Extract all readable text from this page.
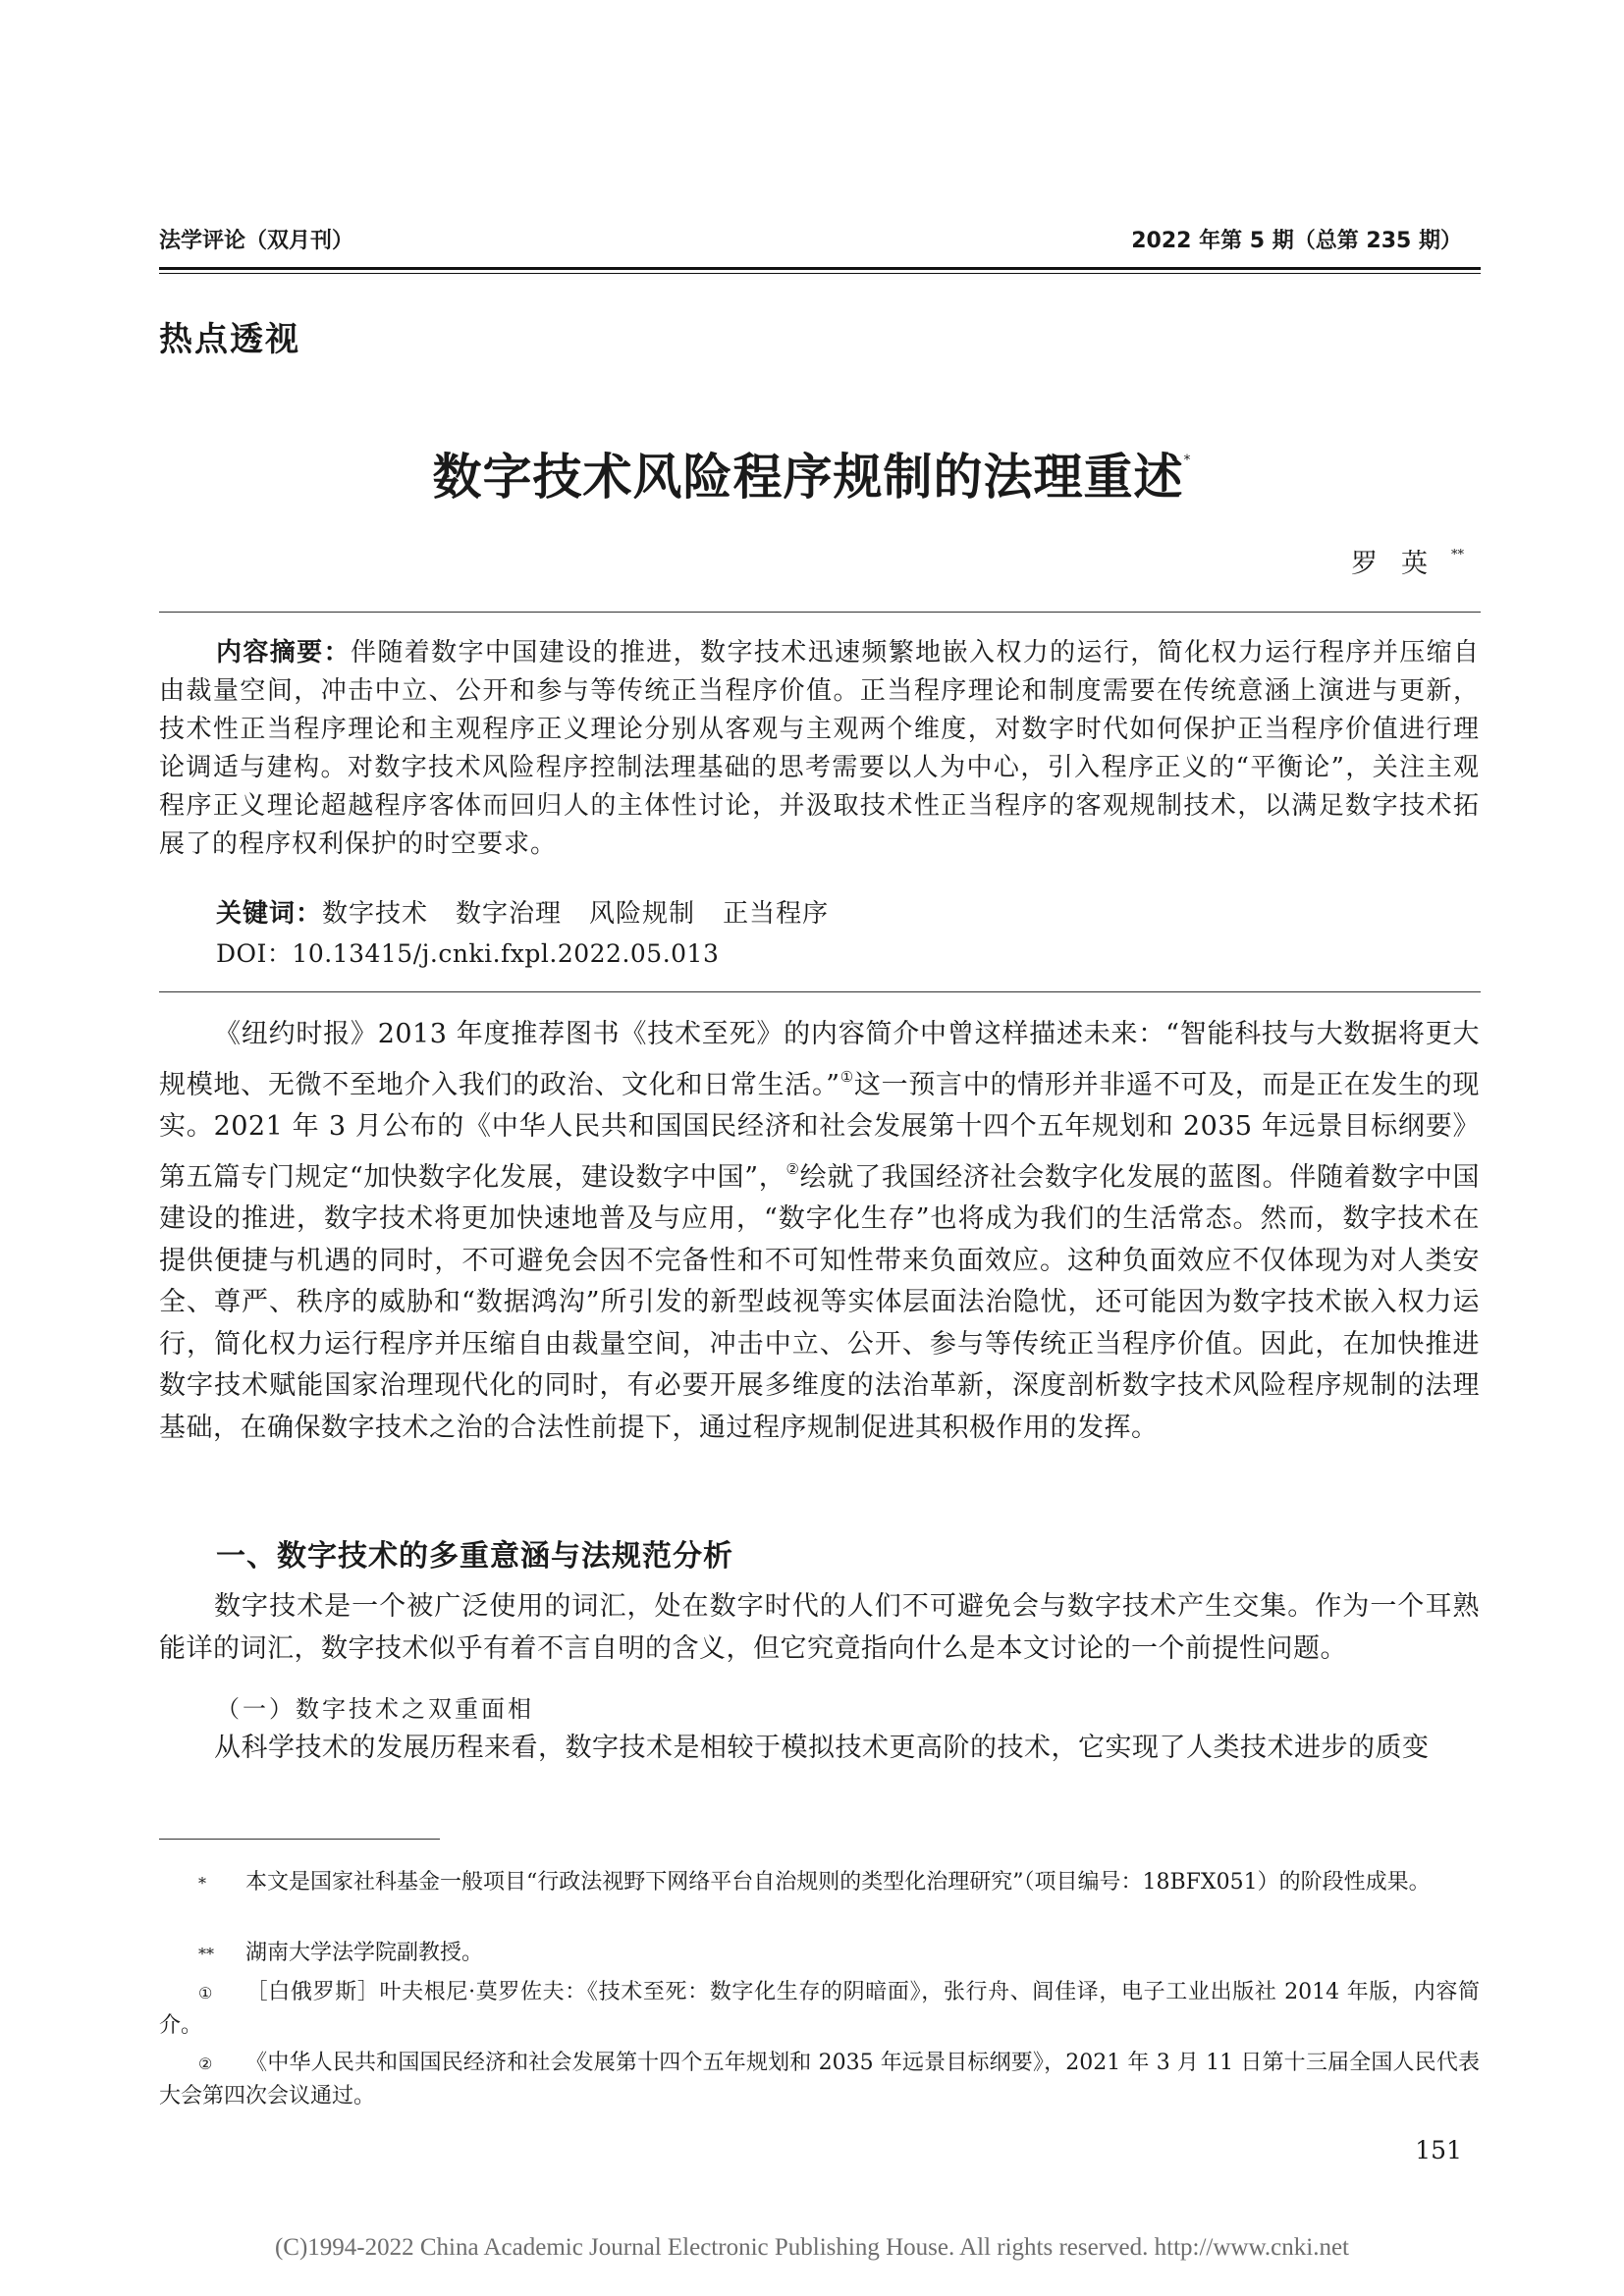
法学评论（双月刊）	2022 年第 5 期（总第 235 期）
热点透视
数字技术风险程序规制的法理重述*
罗英**
内容摘要：伴随着数字中国建设的推进，数字技术迅速频繁地嵌入权力的运行，简化权力运行程序并压缩自由裁量空间，冲击中立、公开和参与等传统正当程序价值。正当程序理论和制度需要在传统意涵上演进与更新，技术性正当程序理论和主观程序正义理论分别从客观与主观两个维度，对数字时代如何保护正当程序价值进行理论调适与建构。对数字技术风险程序控制法理基础的思考需要以人为中心，引入程序正义的“平衡论”，关注主观程序正义理论超越程序客体而回归人的主体性讨论，并汲取技术性正当程序的客观规制技术，以满足数字技术拓展了的程序权利保护的时空要求。
关键词：数字技术 数字治理 风险规制 正当程序
DOI：10.13415/j.cnki.fxpl.2022.05.013

《纽约时报》2013 年度推荐图书《技术至死》的内容简介中曾这样描述未来：“智能科技与大数据将更大规模地、无微不至地介入我们的政治、文化和日常生活。”①这一预言中的情形并非遥不可及，而是正在发生的现实。2021 年 3 月公布的《中华人民共和国国民经济和社会发展第十四个五年规划和 2035 年远景目标纲要》第五篇专门规定“加快数字化发展，建设数字中国”，②绘就了我国经济社会数字化发展的蓝图。伴随着数字中国建设的推进，数字技术将更加快速地普及与应用，“数字化生存”也将成为我们的生活常态。然而，数字技术在提供便捷与机遇的同时，不可避免会因不完备性和不可知性带来负面效应。这种负面效应不仅体现为对人类安全、尊严、秩序的威胁和“数据鸿沟”所引发的新型歧视等实体层面法治隐忧，还可能因为数字技术嵌入权力运行，简化权力运行程序并压缩自由裁量空间，冲击中立、公开、参与等传统正当程序价值。因此，在加快推进数字技术赋能国家治理现代化的同时，有必要开展多维度的法治革新，深度剖析数字技术风险程序规制的法理基础，在确保数字技术之治的合法性前提下，通过程序规制促进其积极作用的发挥。

一、数字技术的多重意涵与法规范分析

数字技术是一个被广泛使用的词汇，处在数字时代的人们不可避免会与数字技术产生交集。作为一个耳熟能详的词汇，数字技术似乎有着不言自明的含义，但它究竟指向什么是本文讨论的一个前提性问题。

（一）数字技术之双重面相

从科学技术的发展历程来看，数字技术是相较于模拟技术更高阶的技术，它实现了人类技术进步的质变

* 本文是国家社科基金一般项目“行政法视野下网络平台自治规则的类型化治理研究”（项目编号：18BFX051）的阶段性成果。

** 湖南大学法学院副教授。

① ［白俄罗斯］叶夫根尼·莫罗佐夫：《技术至死：数字化生存的阴暗面》，张行舟、闾佳译，电子工业出版社 2014 年版，内容简介。

② 《中华人民共和国国民经济和社会发展第十四个五年规划和 2035 年远景目标纲要》，2021 年 3 月 11 日第十三届全国人民代表大会第四次会议通过。

151
(C)1994-2022 China Academic Journal Electronic Publishing House. All rights reserved. http://www.cnki.net
